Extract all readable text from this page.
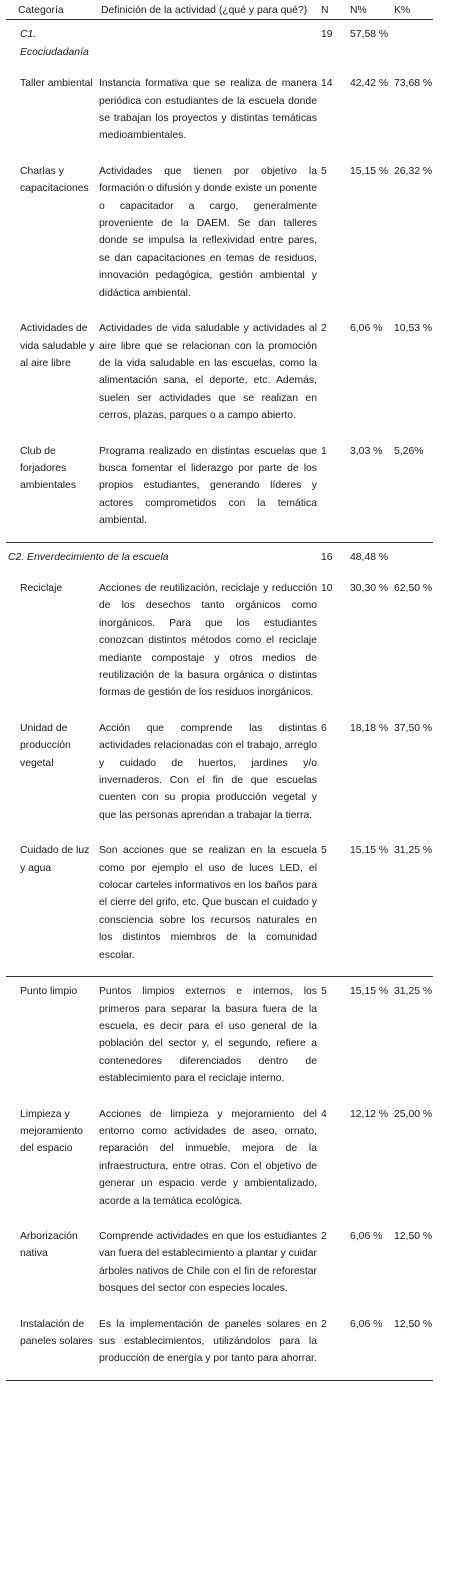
Categoría	Definición de la actividad (¿qué y para qué?)	N	N%	K%
C1. Ecociudadanía		19	57,58 %	
Taller ambiental	Instancia formativa que se realiza de manera periódica con estudiantes de la escuela donde se trabajan los proyectos y distintas temáticas medioambientales.	14	42,42 %	73,68 %
Charlas y capacitaciones	Actividades que tienen por objetivo la formación o difusión y donde existe un ponente o capacitador a cargo, generalmente proveniente de la DAEM. Se dan talleres donde se impulsa la reflexividad entre pares, se dan capacitaciones en temas de residuos, innovación pedagógica, gestión ambiental y didáctica ambiental.	5	15,15 %	26,32 %
Actividades de vida saludable y al aire libre	Actividades de vida saludable y actividades al aire libre que se relacionan con la promoción de la vida saludable en las escuelas, como la alimentación sana, el deporte, etc. Además, suelen ser actividades que se realizan en cerros, plazas, parques o a campo abierto.	2	6,06 %	10,53 %
Club de forjadores ambientales	Programa realizado en distintas escuelas que busca fomentar el liderazgo por parte de los propios estudiantes, generando líderes y actores comprometidos con la temática ambiental.	1	3,03 %	5,26%
C2. Enverdecimiento de la escuela		16	48,48 %	
Reciclaje	Acciones de reutilización, reciclaje y reducción de los desechos tanto orgánicos como inorgánicos. Para que los estudiantes conozcan distintos métodos como el reciclaje mediante compostaje y otros medios de reutilización de la basura orgánica o distintas formas de gestión de los residuos inorgánicos.	10	30,30 %	62,50 %
Unidad de producción vegetal	Acción que comprende las distintas actividades relacionadas con el trabajo, arreglo y cuidado de huertos, jardines y/o invernaderos. Con el fin de que escuelas cuenten con su propia producción vegetal y que las personas aprendan a trabajar la tierra.	6	18,18 %	37,50 %
Cuidado de luz y agua	Son acciones que se realizan en la escuela como por ejemplo el uso de luces LED, el colocar carteles informativos en los baños para el cierre del grifo, etc. Que buscan el cuidado y consciencia sobre los recursos naturales en los distintos miembros de la comunidad escolar.	5	15,15 %	31,25 %
Punto limpio	Puntos limpios externos e internos, los primeros para separar la basura fuera de la escuela, es decir para el uso general de la población del sector y, el segundo, refiere a contenedores diferenciados dentro de establecimiento para el reciclaje interno.	5	15,15 %	31,25 %
Limpieza y mejoramiento del espacio	Acciones de limpieza y mejoramiento del entorno como actividades de aseo, ornato, reparación del inmueble, mejora de la infraestructura, entre otras. Con el objetivo de generar un espacio verde y ambientalizado, acorde a la temática ecológica.	4	12,12 %	25,00 %
Arborización nativa	Comprende actividades en que los estudiantes van fuera del establecimiento a plantar y cuidar árboles nativos de Chile con el fin de reforestar bosques del sector con especies locales.	2	6,06 %	12,50 %
Instalación de paneles solares	Es la implementación de paneles solares en sus establecimientos, utilizándolos para la producción de energía y por tanto para ahorrar.	2	6,06 %	12,50 %
